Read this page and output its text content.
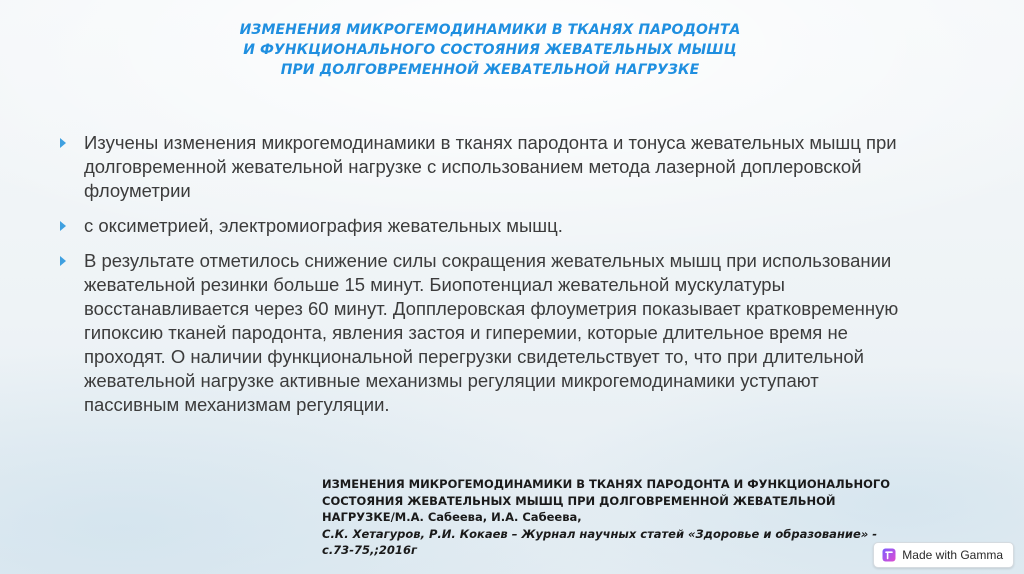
ИЗМЕНЕНИЯ МИКРОГЕМОДИНАМИКИ В ТКАНЯХ ПАРОДОНТА
И ФУНКЦИОНАЛЬНОГО СОСТОЯНИЯ ЖЕВАТЕЛЬНЫХ МЫШЦ
ПРИ ДОЛГОВРЕМЕННОЙ ЖЕВАТЕЛЬНОЙ НАГРУЗКЕ
Изучены изменения микрогемодинамики в тканях пародонта и тонуса жевательных мышц при долговременной жевательной нагрузке с использованием метода лазерной доплеровской флоуметрии
с оксиметрией, электромиография жевательных мышц.
В результате отметилось снижение силы сокращения жевательных мышц при использовании жевательной резинки больше 15 минут. Биопотенциал жевательной мускулатуры восстанавливается через 60 минут. Допплеровская флоуметрия показывает кратковременную гипоксию тканей пародонта, явления застоя и гиперемии, которые длительное время не проходят. О наличии функциональной перегрузки свидетельствует то, что при длительной жевательной нагрузке активные механизмы регуляции микрогемодинамики уступают пассивным механизмам регуляции.
ИЗМЕНЕНИЯ МИКРОГЕМОДИНАМИКИ В ТКАНЯХ ПАРОДОНТА И ФУНКЦИОНАЛЬНОГО
СОСТОЯНИЯ ЖЕВАТЕЛЬНЫХ МЫШЦ ПРИ ДОЛГОВРЕМЕННОЙ ЖЕВАТЕЛЬНОЙ
НАГРУЗКЕ/М.А. Сабеева, И.А. Сабеева,
С.К. Хетагуров, Р.И. Кокаев – Журнал научных статей «Здоровье и образование» -
с.73-75,;2016г	Made with Gamma
